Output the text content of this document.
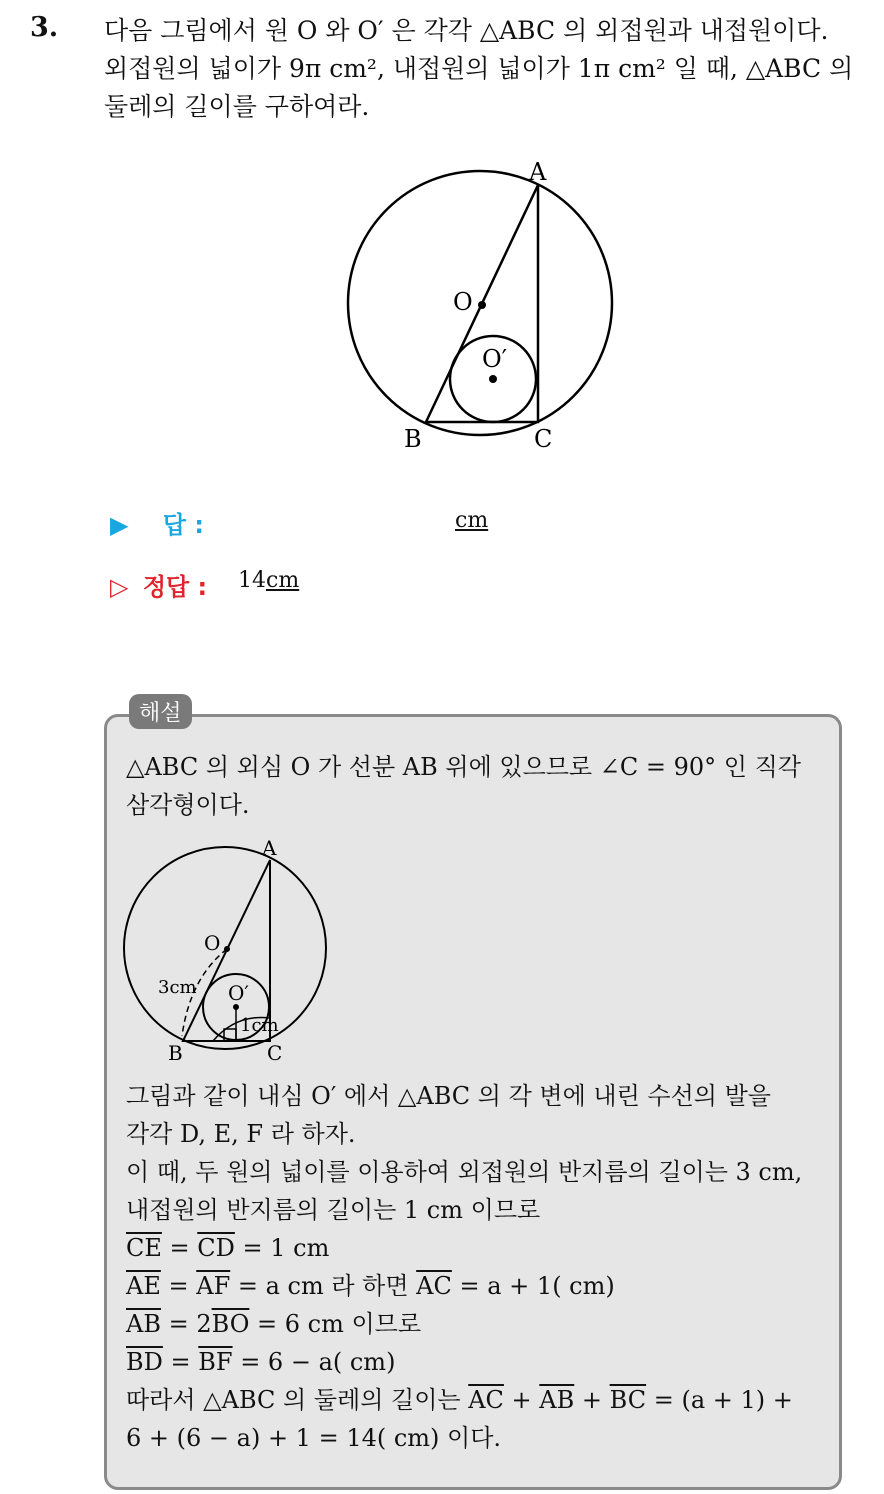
3. 다음 그림에서 원 O 와 O′ 은 각각 △ABC 의 외접원과 내접원이다.

외접원의 넓이가 9π cm², 내접원의 넓이가 1π cm² 일 때, △ABC 의

둘레의 길이를 구하여라.

A
B	C
O
O′
▶ 답 :	cm
▷ 정답 : 14cm
해설

△ABC 의 외심 O 가 선분 AB 위에 있으므로 ∠C = 90° 인 직각

삼각형이다.

A
B	C
O
O′
3cm
1cm

그림과 같이 내심 O′ 에서 △ABC 의 각 변에 내린 수선의 발을

각각 D, E, F 라 하자.

이 때, 두 원의 넓이를 이용하여 외접원의 반지름의 길이는 3 cm,

내접원의 반지름의 길이는 1 cm 이므로

$\overline{CE} = \overline{CD} = 1$ cm

$\overline{AE} = \overline{AF} = a$ cm 라 하면 $\overline{AC} = a + 1$( cm)

$\overline{AB} = 2\overline{BO} = 6$ cm 이므로

$\overline{BD} = \overline{BF} = 6 - a$( cm)

따라서 △ABC 의 둘레의 길이는 $\overline{AC} + \overline{AB} + \overline{BC} = (a + 1)$ +

6 + (6 − a) + 1 = 14( cm) 이다.
